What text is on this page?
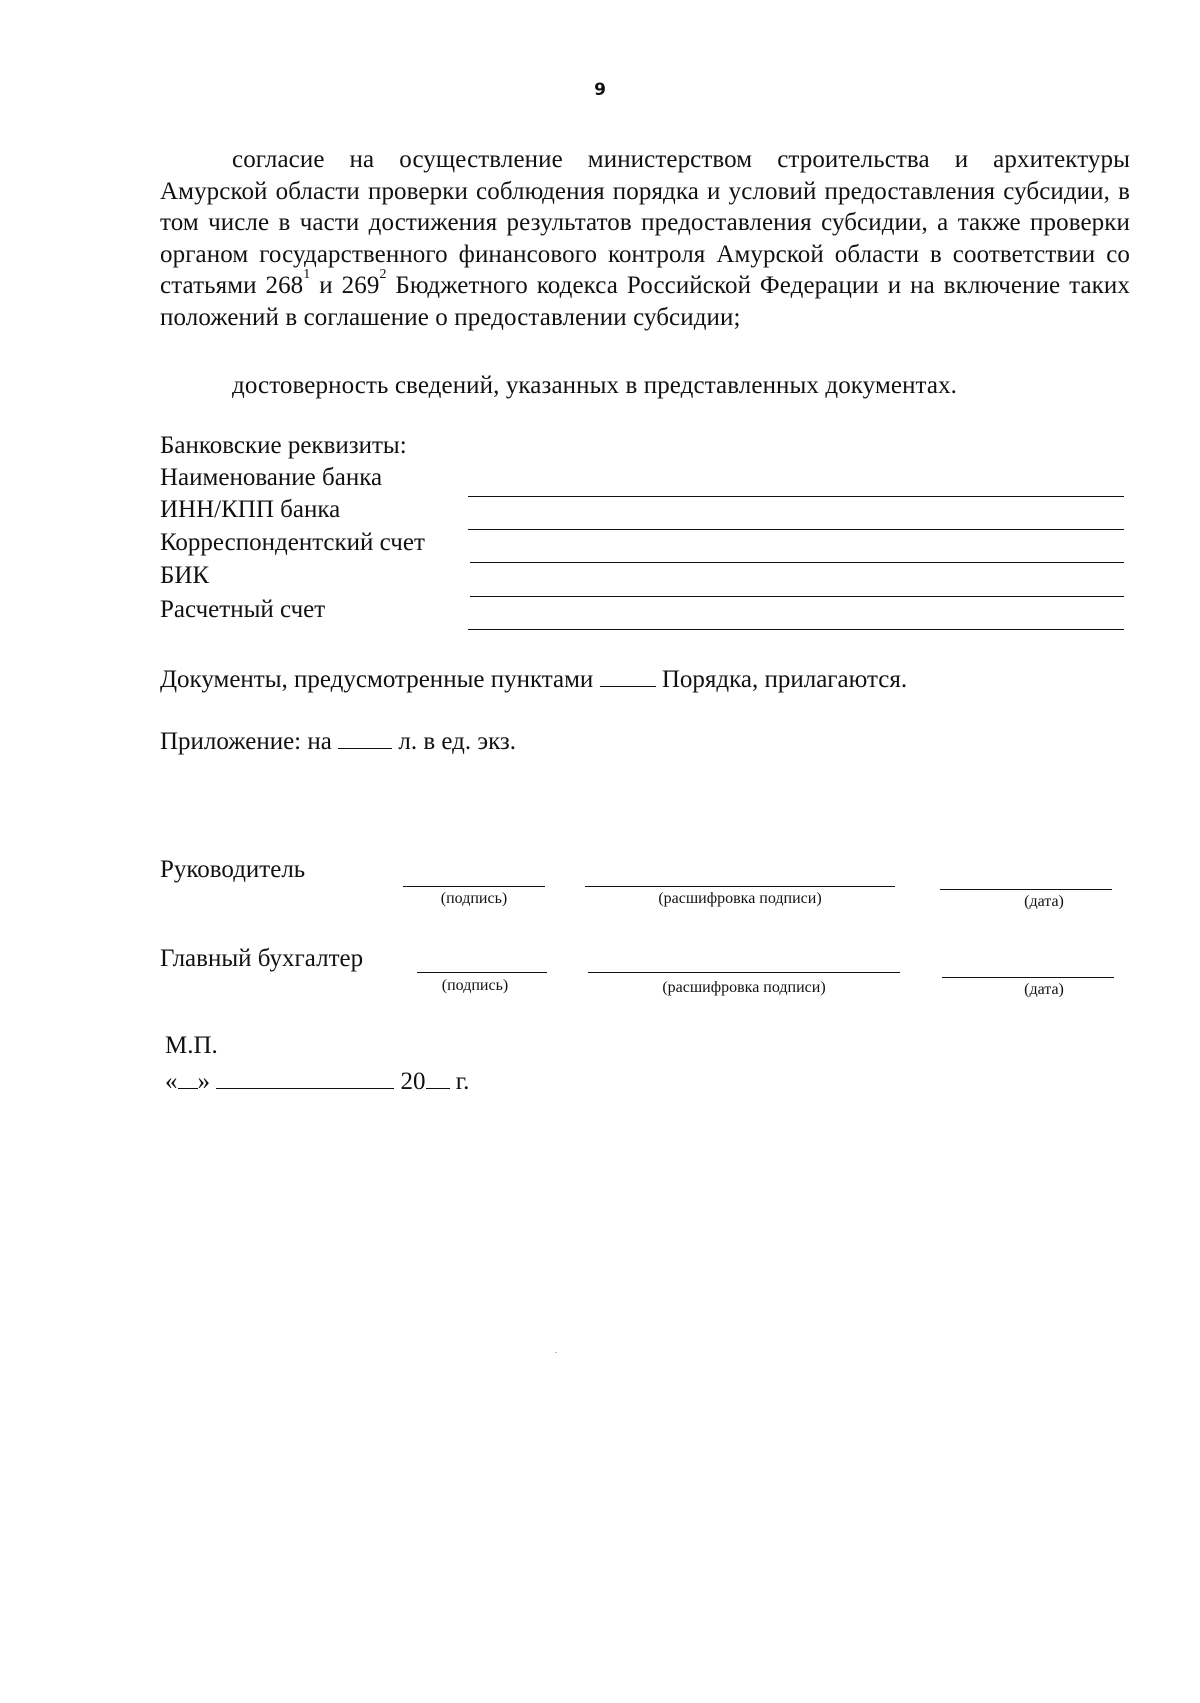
9
согласие на осуществление министерством строительства и архитектуры Амурской области проверки соблюдения порядка и условий предоставления субсидии, в том числе в части достижения результатов предоставления субсидии, а также проверки органом государственного финансового контроля Амурской области в соответствии со статьями $268^1$ и $269^2$ Бюджетного кодекса Российской Федерации и на включение таких положений в соглашение о предоставлении субсидии;
достоверность сведений, указанных в представленных документах.
Банковские реквизиты:
Наименование банка
ИНН/КПП банка
Корреспондентский счет
БИК
Расчетный счет
Документы, предусмотренные пунктами	Порядка, прилагаются.
Приложение: на	л. в ед. экз.
Руководитель
(подпись)	(расшифровка подписи)	(дата)
Главный бухгалтер
(подпись)	(расшифровка подписи)	(дата)
М.П.
« »	20 г.
